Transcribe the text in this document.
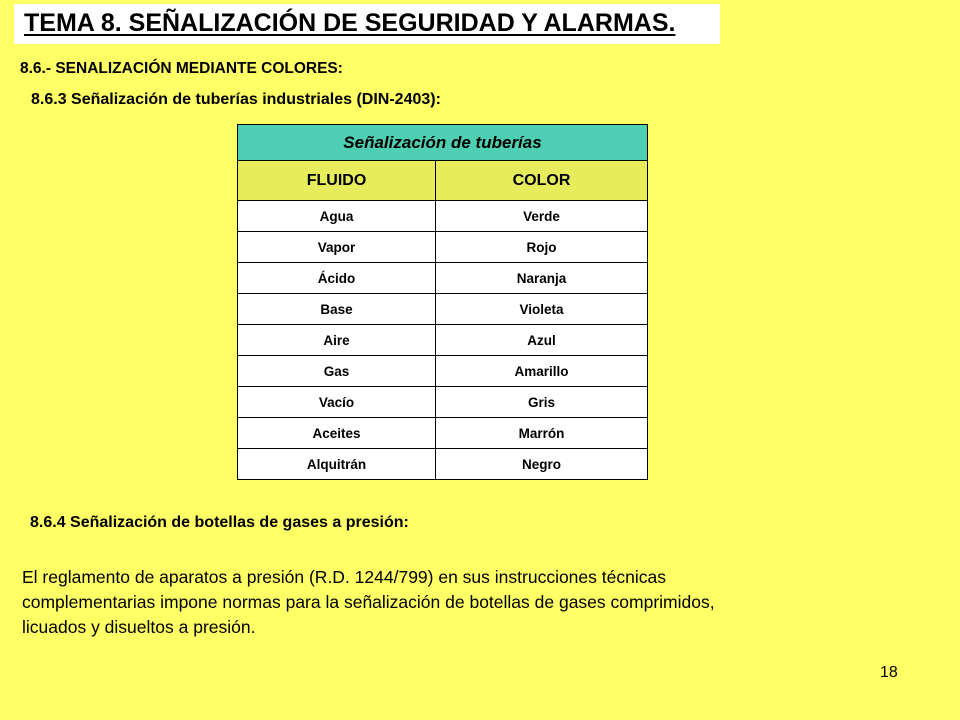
TEMA 8. SEÑALIZACIÓN DE SEGURIDAD Y ALARMAS.
8.6.- SENALIZACIÓN MEDIANTE COLORES:
8.6.3 Señalización de tuberías industriales (DIN-2403):
Señalización de tuberías	
FLUIDO	COLOR
Agua	Verde
Vapor	Rojo
Ácido	Naranja
Base	Violeta
Aire	Azul
Gas	Amarillo
Vacío	Gris
Aceites	Marrón
Alquitrán	Negro
8.6.4 Señalización de botellas de gases a presión:
El reglamento de aparatos a presión (R.D. 1244/799) en sus instrucciones técnicas
complementarias impone normas para la señalización de botellas de gases comprimidos,
licuados y disueltos a presión.
18
